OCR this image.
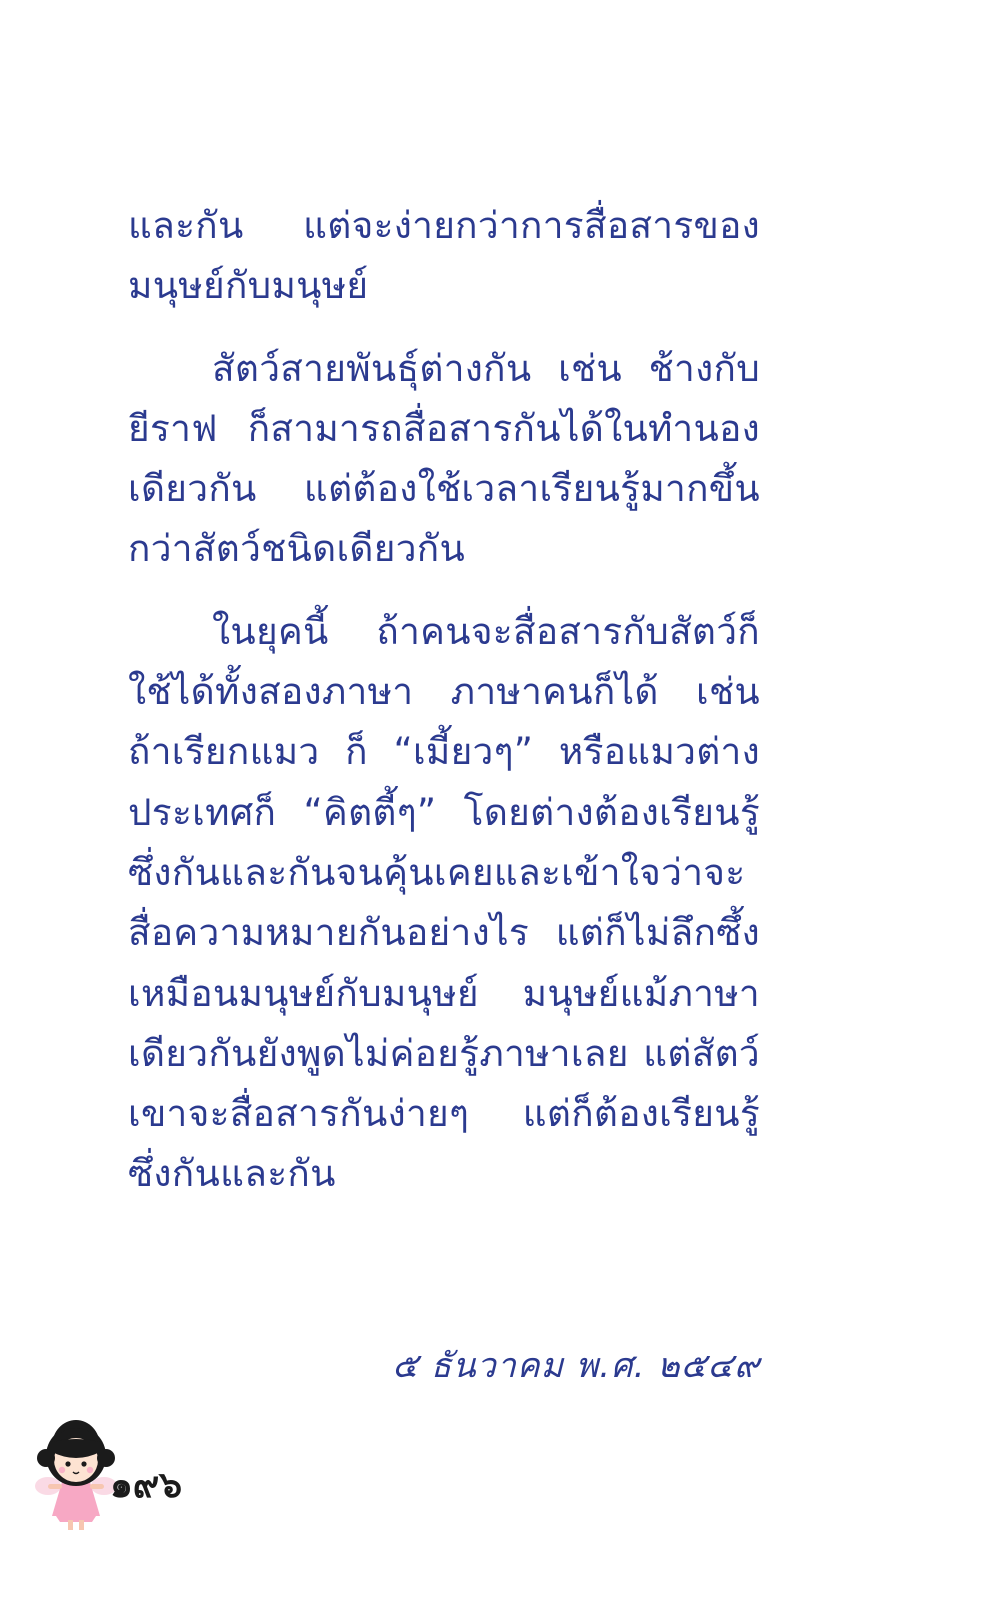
และกัน แต่จะง่ายกว่าการสื่อสารของมนุษย์กับมนุษย์

สัตว์สายพันธุ์ต่างกัน เช่น ช้างกับยีราฟ ก็สามารถสื่อสารกันได้ในทำนองเดียวกัน แต่ต้องใช้เวลาเรียนรู้มากขึ้นกว่าสัตว์ชนิดเดียวกัน

ในยุคนี้ ถ้าคนจะสื่อสารกับสัตว์ก็ใช้ได้ทั้งสองภาษา ภาษาคนก็ได้ เช่น ถ้าเรียกแมว ก็ “เมี้ยวๆ” หรือแมวต่างประเทศก็ “คิตตี้ๆ” โดยต่างต้องเรียนรู้ซึ่งกันและกันจนคุ้นเคยและเข้าใจว่าจะสื่อความหมายกันอย่างไร แต่ก็ไม่ลึกซึ้งเหมือนมนุษย์กับมนุษย์ มนุษย์แม้ภาษาเดียวกันยังพูดไม่ค่อยรู้ภาษาเลย แต่สัตว์เขาจะสื่อสารกันง่ายๆ แต่ก็ต้องเรียนรู้ซึ่งกันและกัน

๕ ธันวาคม พ.ศ. ๒๕๔๙
๑๙๖
